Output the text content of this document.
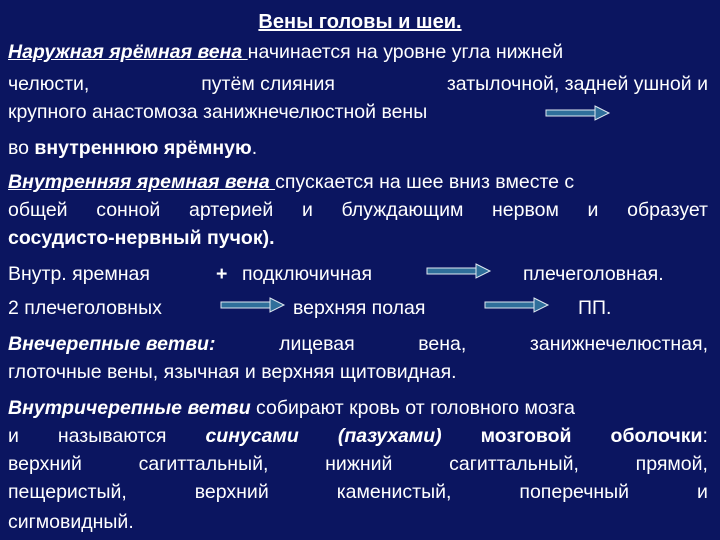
Вены головы и шеи.
Наружная ярёмная вена начинается на уровне угла нижней
челюсти,	путём слияния	затылочной, задней ушной и
крупного анастомоза занижнечелюстной вены
во внутреннюю ярёмную.
Внутренняя яремная вена спускается на шее вниз вместе с
общей сонной артерией и блуждающим нервом и образует
сосудисто-нервный пучок).
Внутр. яремная	+ подключичная	плечеголовная.
2 плечеголовных	верхняя полая	ПП.
Внечерепные ветви:	лицевая	вена,	занижнечелюстная,
глоточные вены, язычная и верхняя щитовидная.
Внутричерепные ветви собирают кровь от головного мозга
и называются синусами (пазухами) мозговой оболочки:
верхний	сагиттальный,	нижний	сагиттальный,	прямой,
пещеристый,	верхний	каменистый,	поперечный	и
сигмовидный.
